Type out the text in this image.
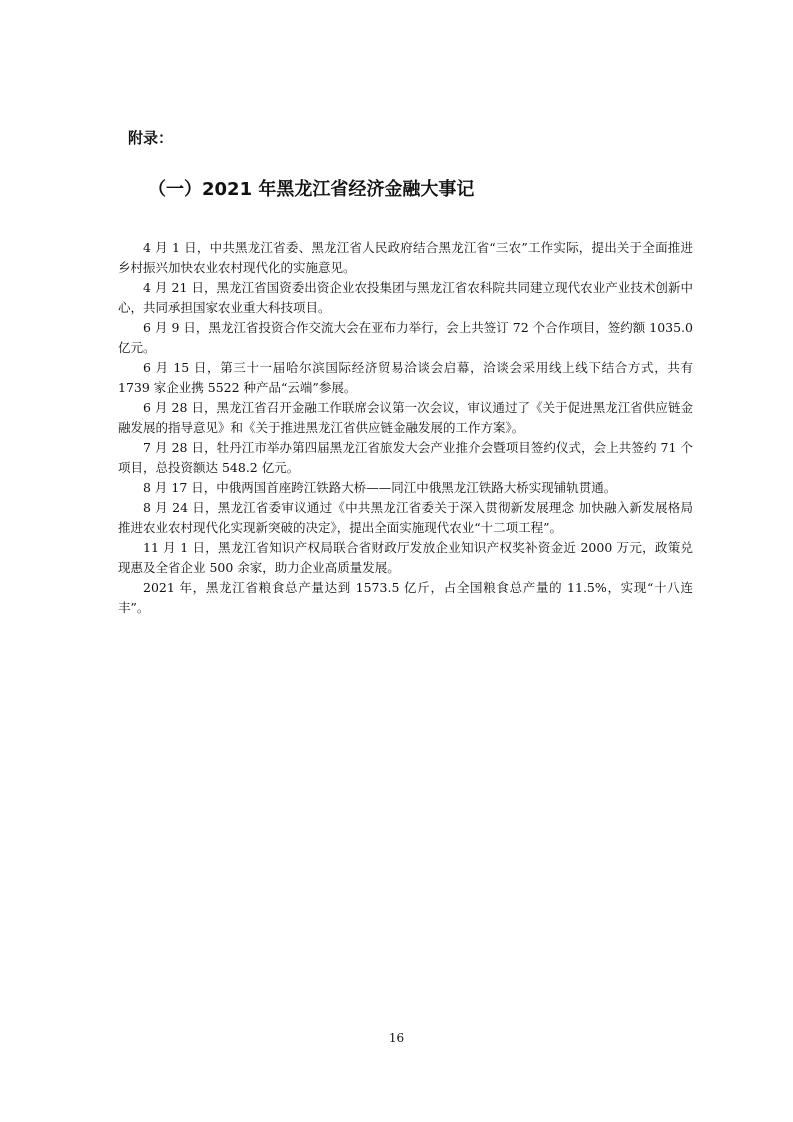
附录：
（一）2021 年黑龙江省经济金融大事记

4 月 1 日，中共黑龙江省委、黑龙江省人民政府结合黑龙江省“三农”工作实际，提出关于全面推进乡村振兴加快农业农村现代化的实施意见。

4 月 21 日，黑龙江省国资委出资企业农投集团与黑龙江省农科院共同建立现代农业产业技术创新中心，共同承担国家农业重大科技项目。

6 月 9 日，黑龙江省投资合作交流大会在亚布力举行，会上共签订 72 个合作项目，签约额 1035.0 亿元。

6 月 15 日，第三十一届哈尔滨国际经济贸易洽谈会启幕，洽谈会采用线上线下结合方式，共有 1739 家企业携 5522 种产品“云端”参展。

6 月 28 日，黑龙江省召开金融工作联席会议第一次会议，审议通过了《关于促进黑龙江省供应链金融发展的指导意见》和《关于推进黑龙江省供应链金融发展的工作方案》。

7 月 28 日，牡丹江市举办第四届黑龙江省旅发大会产业推介会暨项目签约仪式，会上共签约 71 个项目，总投资额达 548.2 亿元。

8 月 17 日，中俄两国首座跨江铁路大桥——同江中俄黑龙江铁路大桥实现铺轨贯通。

8 月 24 日，黑龙江省委审议通过《中共黑龙江省委关于深入贯彻新发展理念 加快融入新发展格局 推进农业农村现代化实现新突破的决定》，提出全面实施现代农业“十二项工程”。

11 月 1 日，黑龙江省知识产权局联合省财政厅发放企业知识产权奖补资金近 2000 万元，政策兑现惠及全省企业 500 余家，助力企业高质量发展。

2021 年，黑龙江省粮食总产量达到 1573.5 亿斤，占全国粮食总产量的 11.5%，实现“十八连丰”。

16
